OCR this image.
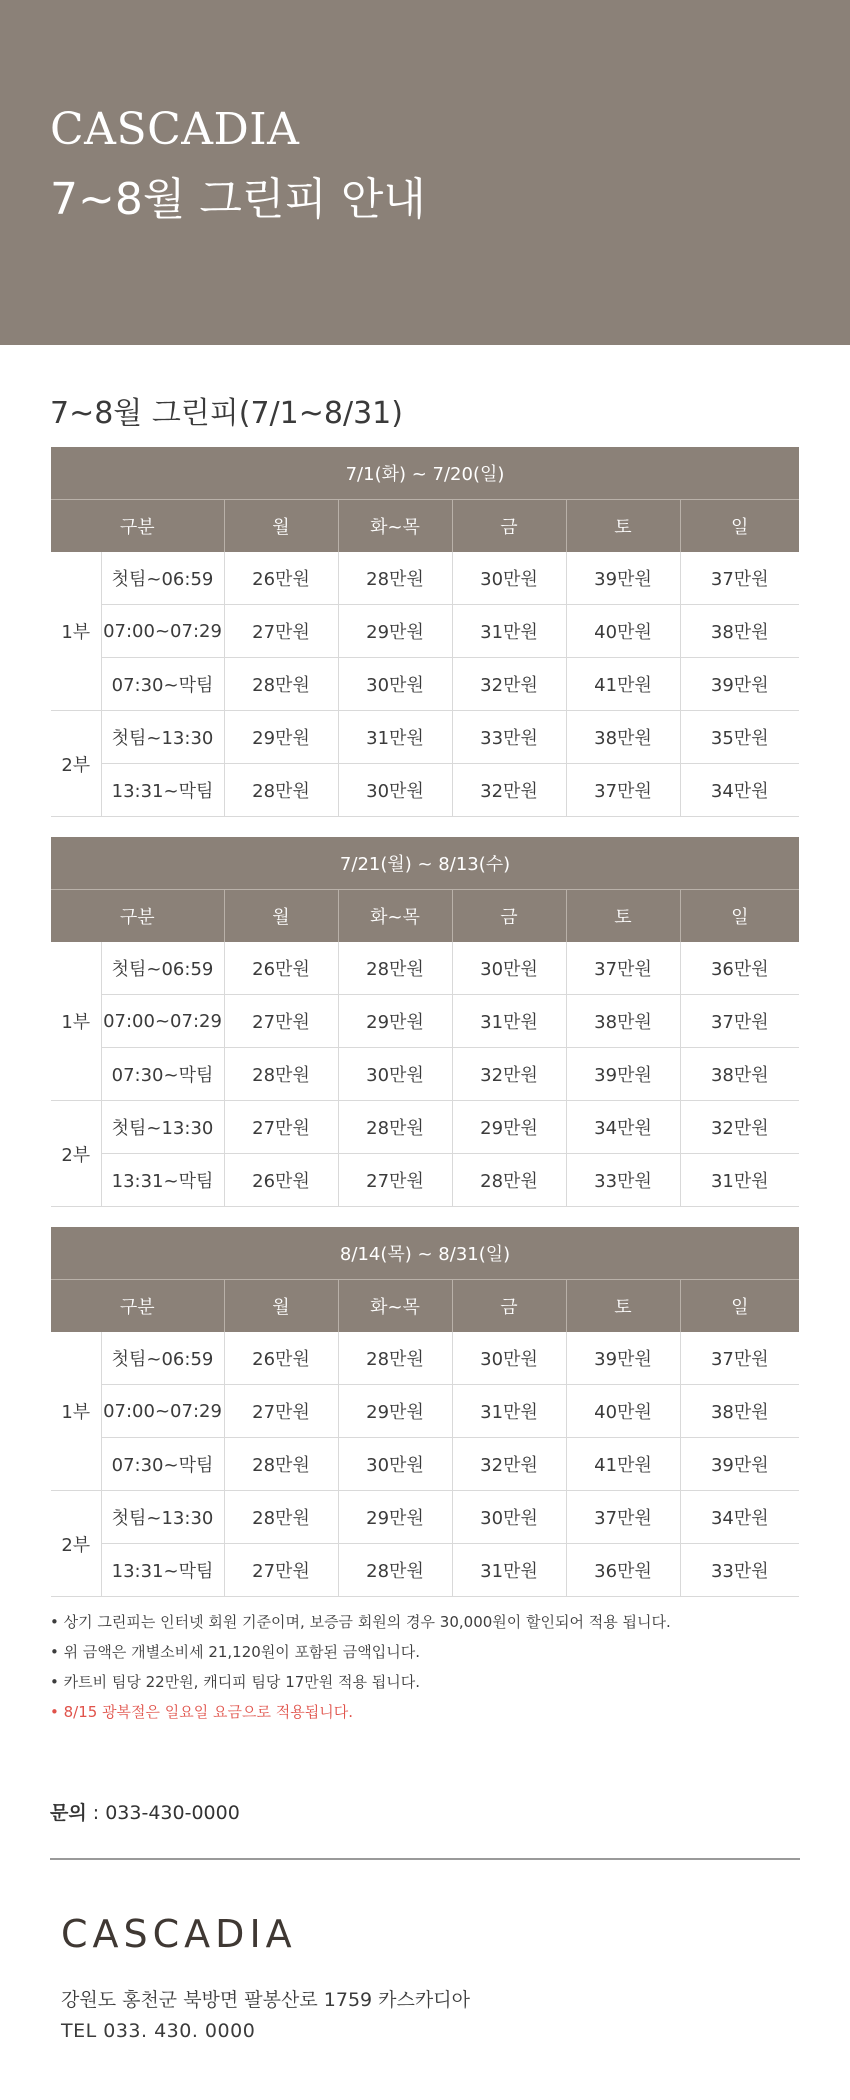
CASCADIA
7~8월 그린피 안내
7~8월 그린피(7/1~8/31)
7/1(화) ~ 7/20(일)						
구분		월	화~목	금	토	일
1부	첫팀~06:59	26만원	28만원	30만원	39만원	37만원
	07:00~07:29	27만원	29만원	31만원	40만원	38만원
	07:30~막팀	28만원	30만원	32만원	41만원	39만원
2부	첫팀~13:30	29만원	31만원	33만원	38만원	35만원
	13:31~막팀	28만원	30만원	32만원	37만원	34만원
7/21(월) ~ 8/13(수)						
구분		월	화~목	금	토	일
1부	첫팀~06:59	26만원	28만원	30만원	37만원	36만원
	07:00~07:29	27만원	29만원	31만원	38만원	37만원
	07:30~막팀	28만원	30만원	32만원	39만원	38만원
2부	첫팀~13:30	27만원	28만원	29만원	34만원	32만원
	13:31~막팀	26만원	27만원	28만원	33만원	31만원
8/14(목) ~ 8/31(일)						
구분		월	화~목	금	토	일
1부	첫팀~06:59	26만원	28만원	30만원	39만원	37만원
	07:00~07:29	27만원	29만원	31만원	40만원	38만원
	07:30~막팀	28만원	30만원	32만원	41만원	39만원
2부	첫팀~13:30	28만원	29만원	30만원	37만원	34만원
	13:31~막팀	27만원	28만원	31만원	36만원	33만원
• 상기 그린피는 인터넷 회원 기준이며, 보증금 회원의 경우 30,000원이 할인되어 적용 됩니다.
• 위 금액은 개별소비세 21,120원이 포함된 금액입니다.
• 카트비 팀당 22만원, 캐디피 팀당 17만원 적용 됩니다.
• 8/15 광복절은 일요일 요금으로 적용됩니다.
문의 : 033-430-0000
CASCADIA
강원도 홍천군 북방면 팔봉산로 1759 카스카디아
TEL 033. 430. 0000
